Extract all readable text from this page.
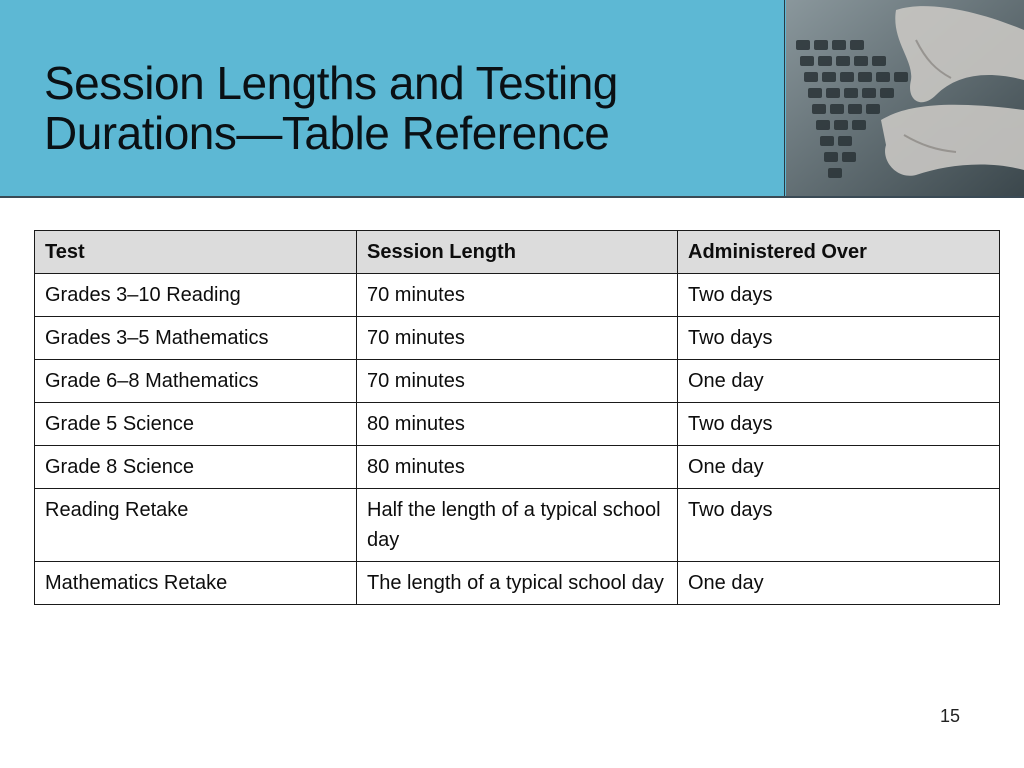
Session Lengths and Testing
Durations—Table Reference
Test	Session Length	Administered Over
Grades 3–10 Reading	70 minutes	Two days
Grades 3–5 Mathematics	70 minutes	Two days
Grade 6–8 Mathematics	70 minutes	One day
Grade 5 Science	80 minutes	Two days
Grade 8 Science	80 minutes	One day
Reading Retake	Half the length of a typical school day	Two days
Mathematics Retake	The length of a typical school day	One day
15
